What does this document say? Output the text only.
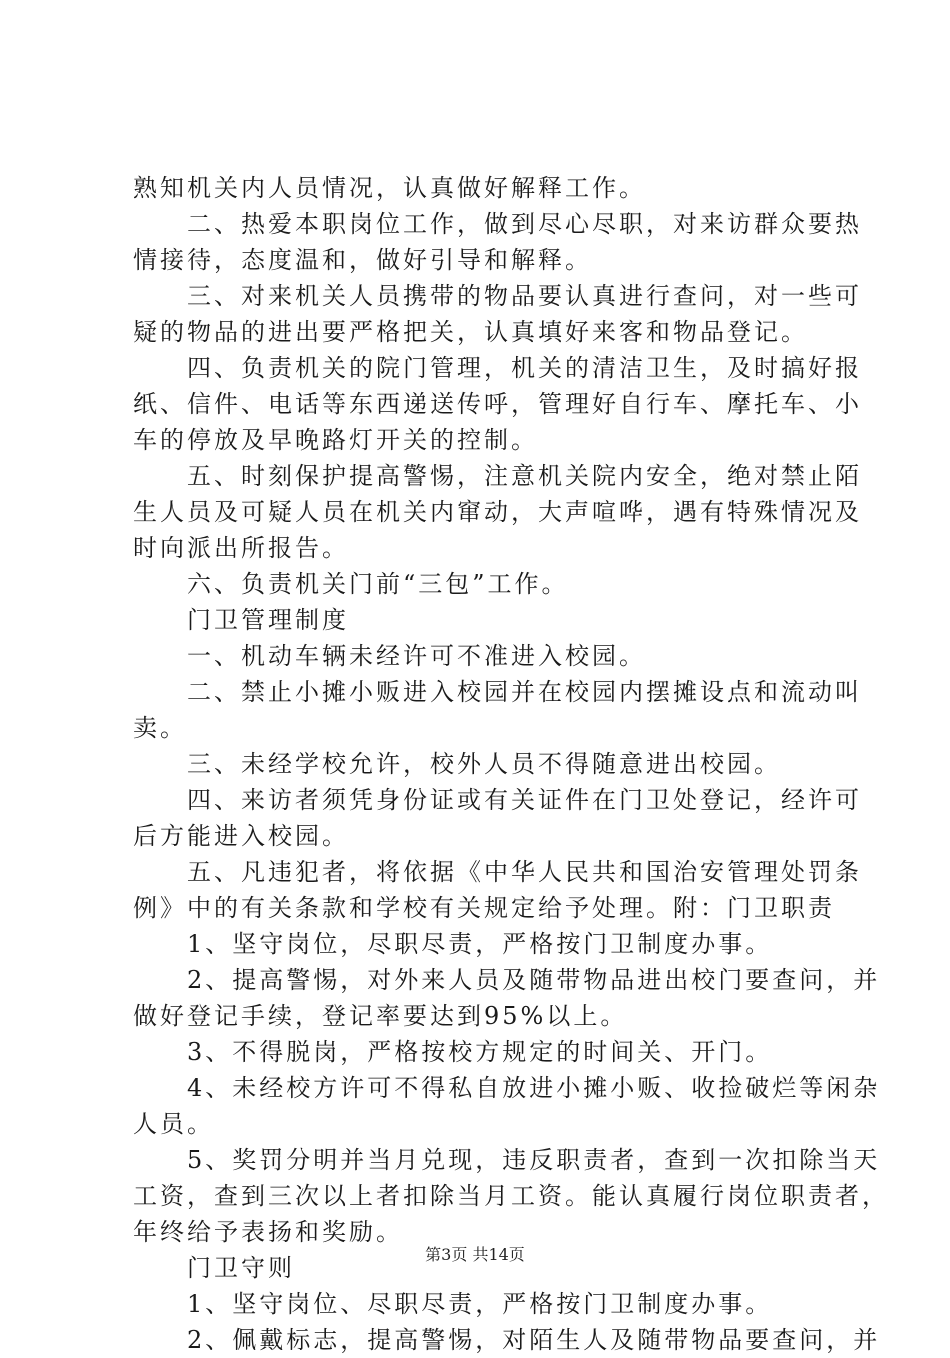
熟知机关内人员情况，认真做好解释工作。
　　二、热爱本职岗位工作，做到尽心尽职，对来访群众要热
情接待，态度温和，做好引导和解释。
　　三、对来机关人员携带的物品要认真进行查问，对一些可
疑的物品的进出要严格把关，认真填好来客和物品登记。
　　四、负责机关的院门管理，机关的清洁卫生，及时搞好报
纸、信件、电话等东西递送传呼，管理好自行车、摩托车、小
车的停放及早晚路灯开关的控制。
　　五、时刻保护提高警惕，注意机关院内安全，绝对禁止陌
生人员及可疑人员在机关内窜动，大声喧哗，遇有特殊情况及
时向派出所报告。
　　六、负责机关门前“三包”工作。
　　门卫管理制度
　　一、机动车辆未经许可不准进入校园。
　　二、禁止小摊小贩进入校园并在校园内摆摊设点和流动叫
卖。
　　三、未经学校允许，校外人员不得随意进出校园。
　　四、来访者须凭身份证或有关证件在门卫处登记，经许可
后方能进入校园。
　　五、凡违犯者，将依据《中华人民共和国治安管理处罚条
例》中的有关条款和学校有关规定给予处理。附：门卫职责
　　1、坚守岗位，尽职尽责，严格按门卫制度办事。
　　2、提高警惕，对外来人员及随带物品进出校门要查问，并
做好登记手续，登记率要达到95%以上。
　　3、不得脱岗，严格按校方规定的时间关、开门。
　　4、未经校方许可不得私自放进小摊小贩、收捡破烂等闲杂
人员。
　　5、奖罚分明并当月兑现，违反职责者，查到一次扣除当天
工资，查到三次以上者扣除当月工资。能认真履行岗位职责者，
年终给予表扬和奖励。
　　门卫守则
　　1、坚守岗位、尽职尽责，严格按门卫制度办事。
　　2、佩戴标志，提高警惕，对陌生人及随带物品要查问，并
第3页 共14页
